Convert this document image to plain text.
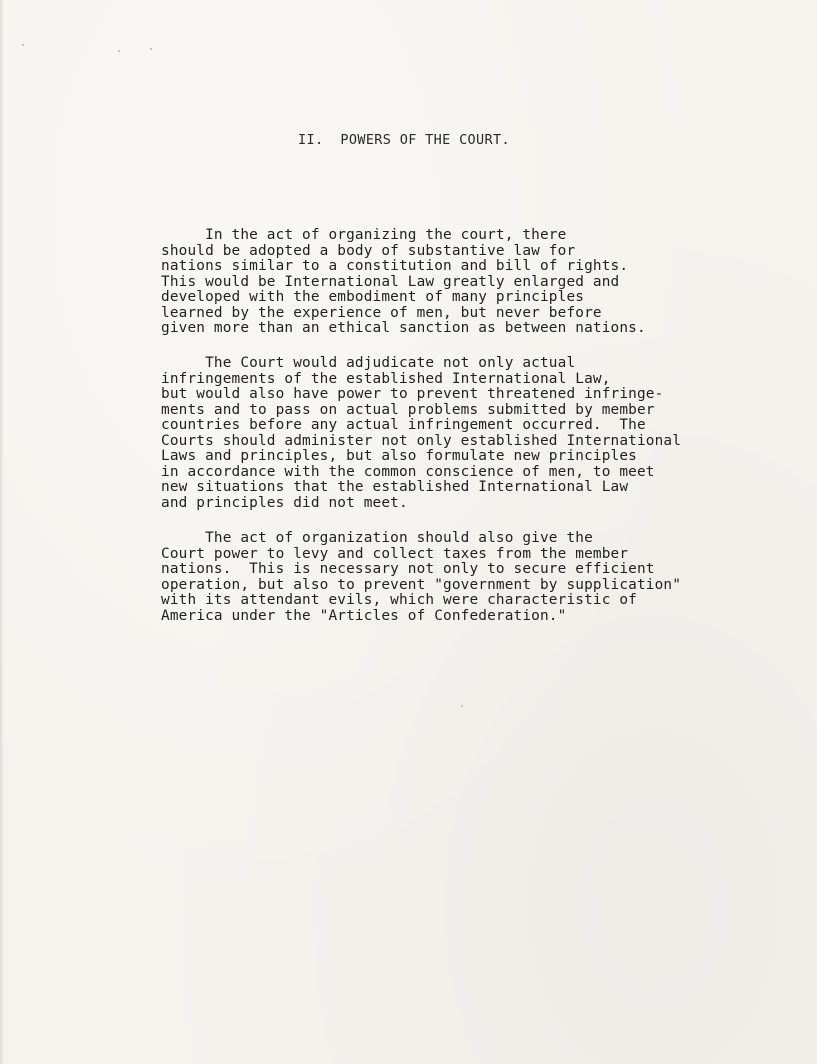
II.  POWERS OF THE COURT.

In the act of organizing the court, there
should be adopted a body of substantive law for
nations similar to a constitution and bill of rights.
This would be International Law greatly enlarged and
developed with the embodiment of many principles
learned by the experience of men, but never before
given more than an ethical sanction as between nations.

The Court would adjudicate not only actual
infringements of the established International Law,
but would also have power to prevent threatened infringe-
ments and to pass on actual problems submitted by member
countries before any actual infringement occurred.  The
Courts should administer not only established International
Laws and principles, but also formulate new principles
in accordance with the common conscience of men, to meet
new situations that the established International Law
and principles did not meet.

The act of organization should also give the
Court power to levy and collect taxes from the member
nations.  This is necessary not only to secure efficient
operation, but also to prevent "government by supplication"
with its attendant evils, which were characteristic of
America under the "Articles of Confederation."
